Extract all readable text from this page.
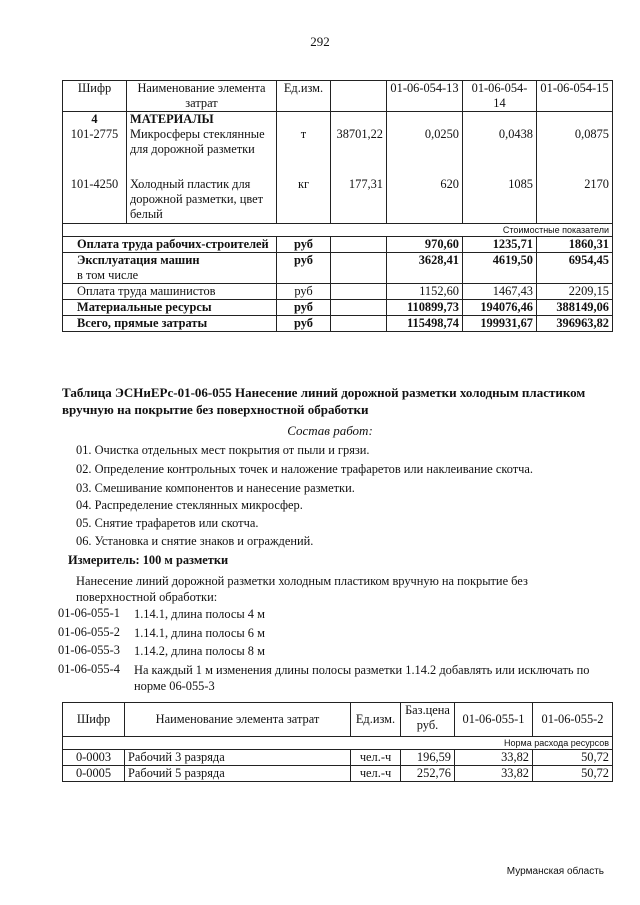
292
Шифр	Наименование элемента затрат	Ед.изм.		01-06-054-13	01-06-054-14	01-06-054-15
4	МАТЕРИАЛЫ					
101-2775	Микросферы стеклянные для дорожной разметки	т	38701,22	0,0250	0,0438	0,0875
101-4250	Холодный пластик для дорожной разметки, цвет белый	кг	177,31	620	1085	2170
Стоимостные показатели						
Оплата труда рабочих-строителей		руб		970,60	1235,71	1860,31
Эксплуатация машин
в том числе		руб		3628,41	4619,50	6954,45
Оплата труда машинистов		руб		1152,60	1467,43	2209,15
Материальные ресурсы		руб		110899,73	194076,46	388149,06
Всего, прямые затраты		руб		115498,74	199931,67	396963,82
Таблица ЭСНиЕРс-01-06-055 Нанесение линий дорожной разметки холодным пластиком вручную на покрытие без поверхностной обработки
Состав работ:
01. Очистка отдельных мест покрытия от пыли и грязи.
02. Определение контрольных точек и наложение трафаретов или наклеивание скотча.
03. Смешивание компонентов и нанесение разметки.
04. Распределение стеклянных микросфер.
05. Снятие трафаретов или скотча.
06. Установка и снятие знаков и ограждений.
Измеритель: 100 м разметки
Нанесение линий дорожной разметки холодным пластиком вручную на покрытие без поверхностной обработки:
01-06-055-1 1.14.1, длина полосы 4 м
01-06-055-2 1.14.1, длина полосы 6 м
01-06-055-3 1.14.2, длина полосы 8 м
01-06-055-4 На каждый 1 м изменения длины полосы разметки 1.14.2 добавлять или исключать по норме 06-055-3
Шифр	Наименование элемента затрат	Ед.изм.	Баз.цена руб.	01-06-055-1	01-06-055-2
Норма расхода ресурсов					
0-0003	Рабочий 3 разряда	чел.-ч	196,59	33,82	50,72
0-0005	Рабочий 5 разряда	чел.-ч	252,76	33,82	50,72
Мурманская область
